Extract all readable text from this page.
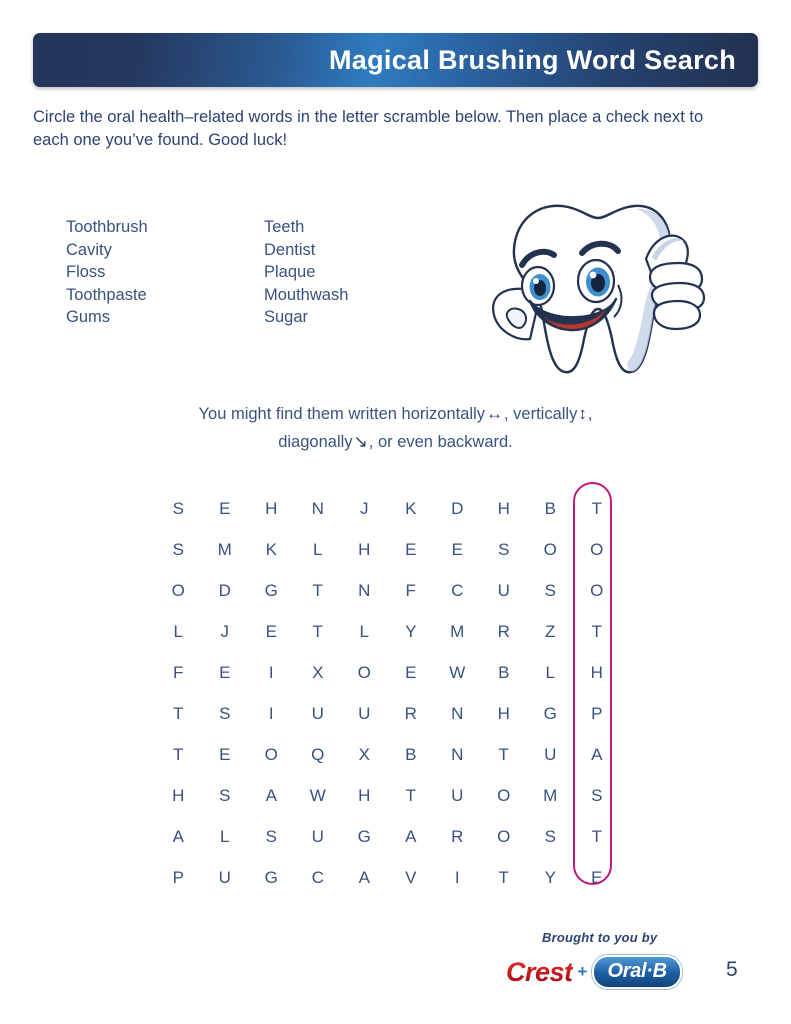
Magical Brushing Word Search
Circle the oral health–related words in the letter scramble below. Then place a check next to each one you’ve found. Good luck!
Toothbrush
Cavity
Floss
Toothpaste
Gums
Teeth
Dentist
Plaque
Mouthwash
Sugar
You might find them written horizontally↔, vertically↕,
diagonally↘, or even backward.
S	E	H	N	J	K	D	H	B	T
S	M	K	L	H	E	E	S	O	O
O	D	G	T	N	F	C	U	S	O
L	J	E	T	L	Y	M	R	Z	T
F	E	I	X	O	E	W	B	L	H
T	S	I	U	U	R	N	H	G	P
T	E	O	Q	X	B	N	T	U	A
H	S	A	W	H	T	U	O	M	S
A	L	S	U	G	A	R	O	S	T
P	U	G	C	A	V	I	T	Y	E
Brought to you by
Crest +	Oral·B	5
